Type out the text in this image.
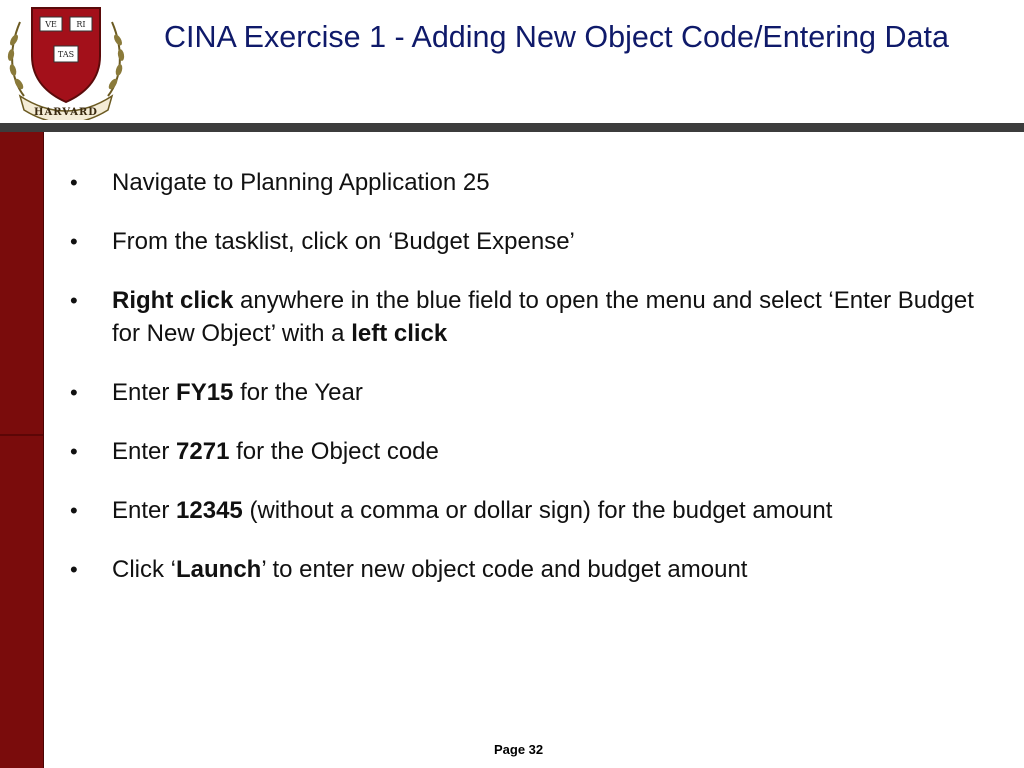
VE RI
TAS
HARVARD
CINA Exercise 1 - Adding New Object Code/Entering Data
• Navigate to Planning Application 25
• From the tasklist, click on ‘Budget Expense’
• Right click anywhere in the blue field to open the menu and select ‘Enter Budget for New Object’ with a left click
• Enter FY15 for the Year
• Enter 7271 for the Object code
• Enter 12345 (without a comma or dollar sign) for the budget amount
• Click ‘Launch’ to enter new object code and budget amount
Page 32
